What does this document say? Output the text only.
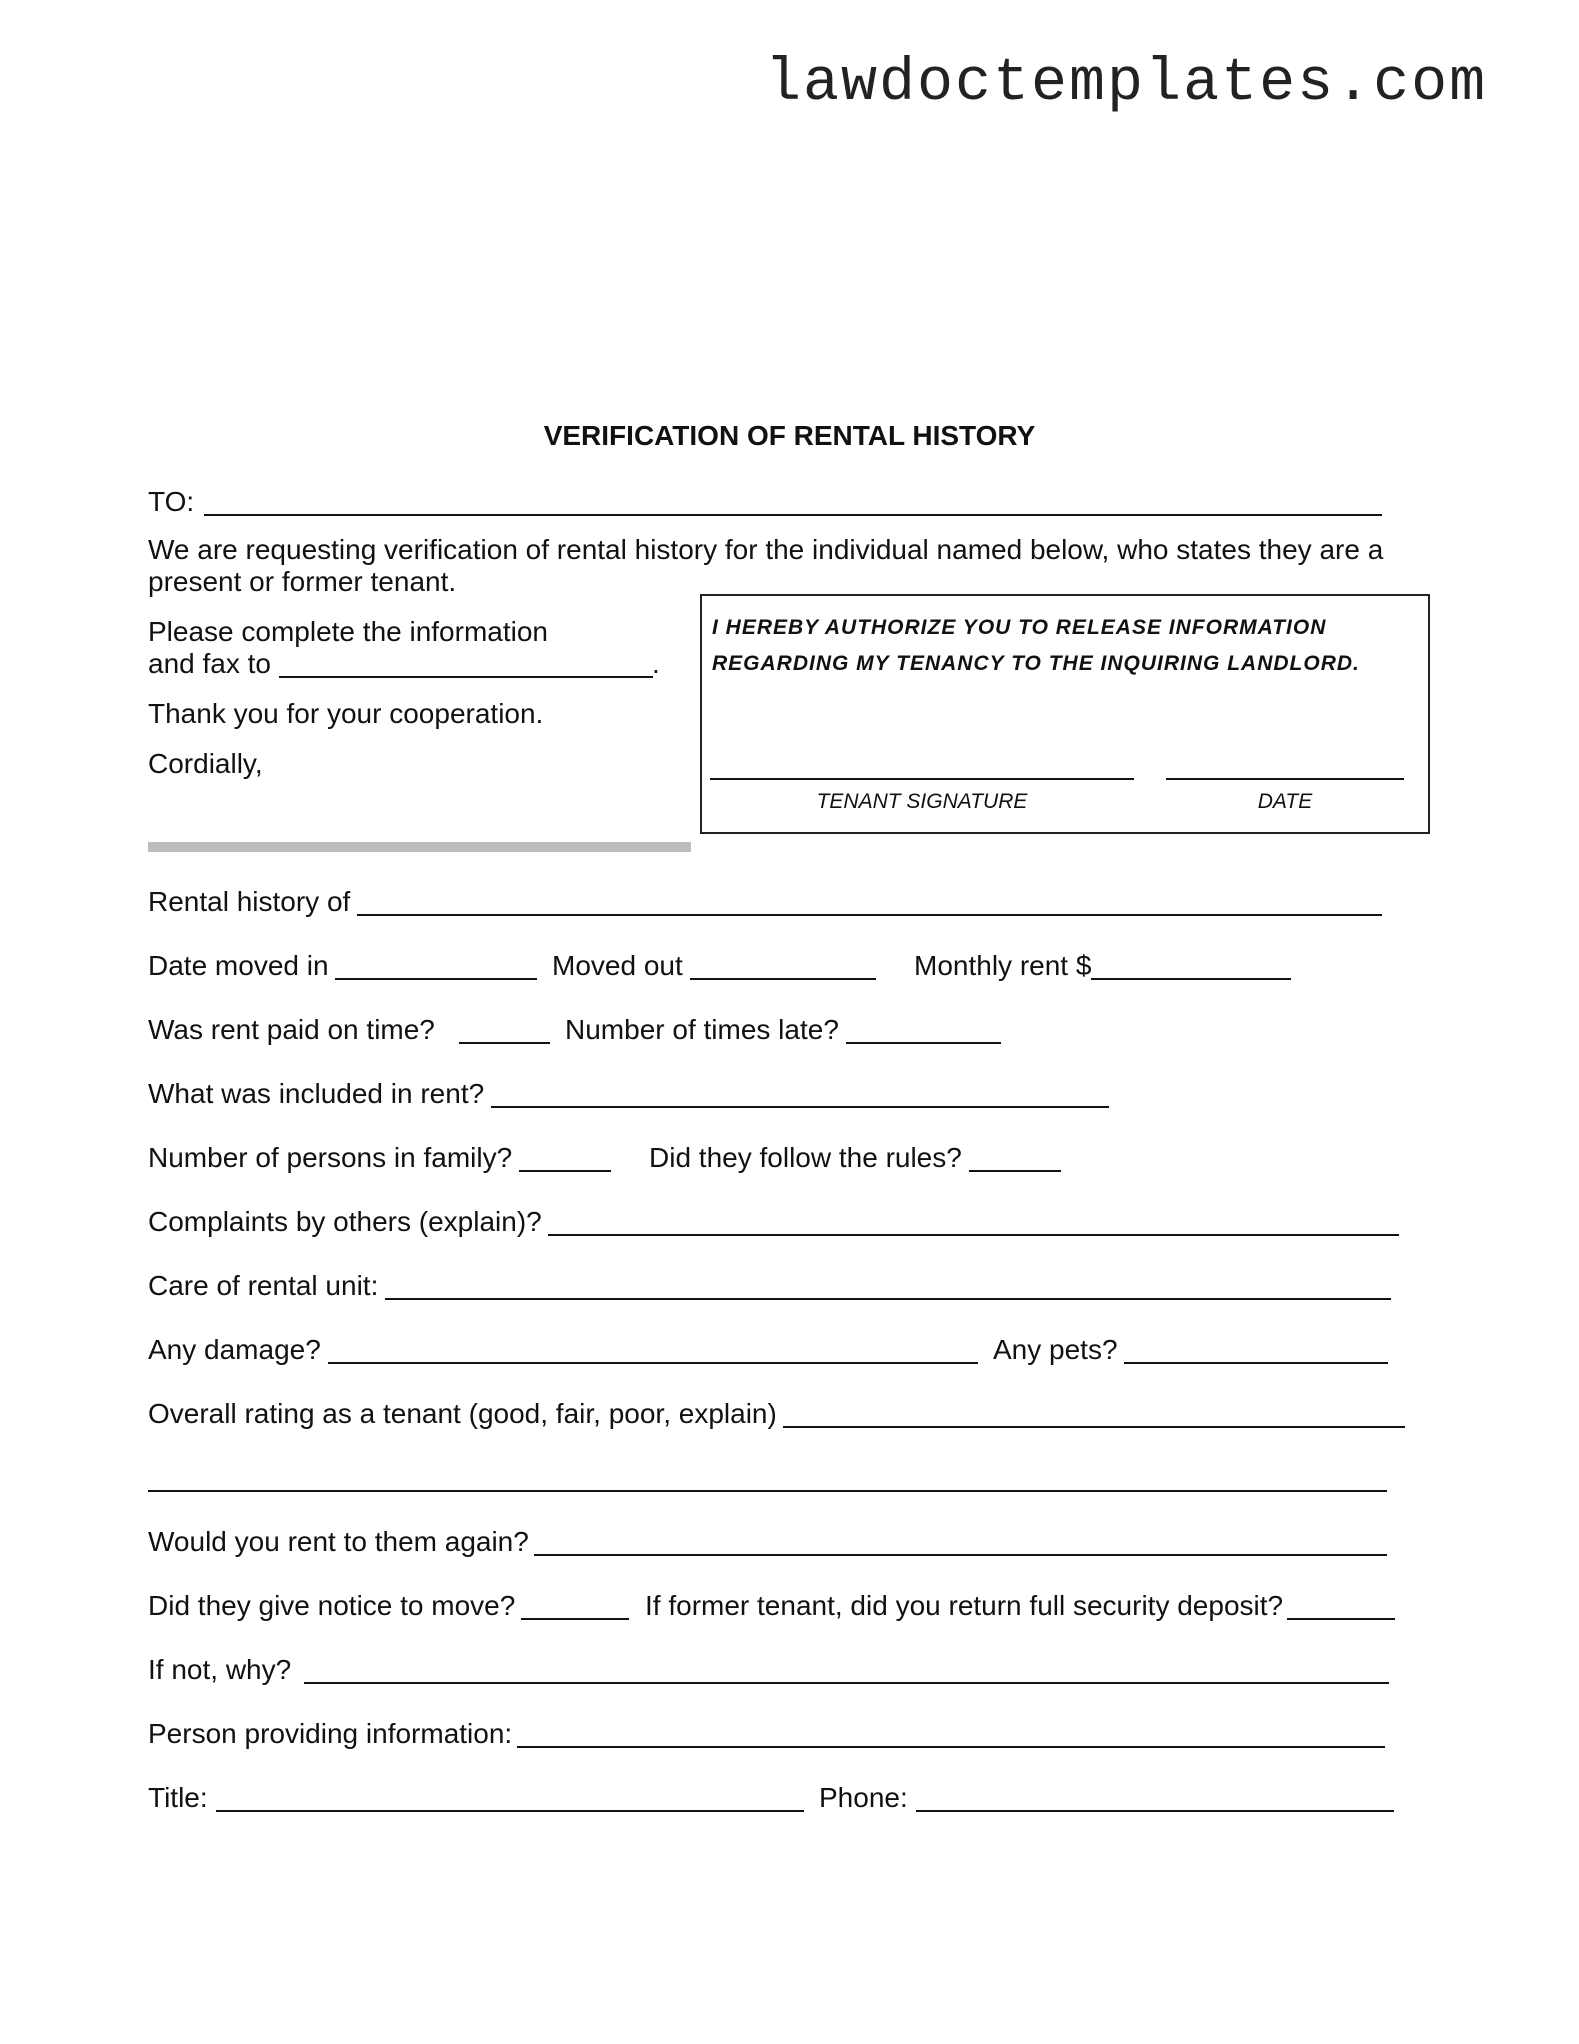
lawdoctemplates.com
VERIFICATION OF RENTAL HISTORY
TO:
We are requesting verification of rental history for the individual named below, who states they are a
present or former tenant.
Please complete the information
and fax to	.
Thank you for your cooperation.
Cordially,
I HEREBY AUTHORIZE YOU TO RELEASE INFORMATION
REGARDING MY TENANCY TO THE INQUIRING LANDLORD.
TENANT SIGNATURE	DATE
Rental history of
Date moved in	Moved out	Monthly rent $
Was rent paid on time?	Number of times late?
What was included in rent?
Number of persons in family?	Did they follow the rules?
Complaints by others (explain)?
Care of rental unit:
Any damage?	Any pets?
Overall rating as a tenant (good, fair, poor, explain)
Would you rent to them again?
Did they give notice to move?	If former tenant, did you return full security deposit?
If not, why?
Person providing information:
Title:	Phone:
